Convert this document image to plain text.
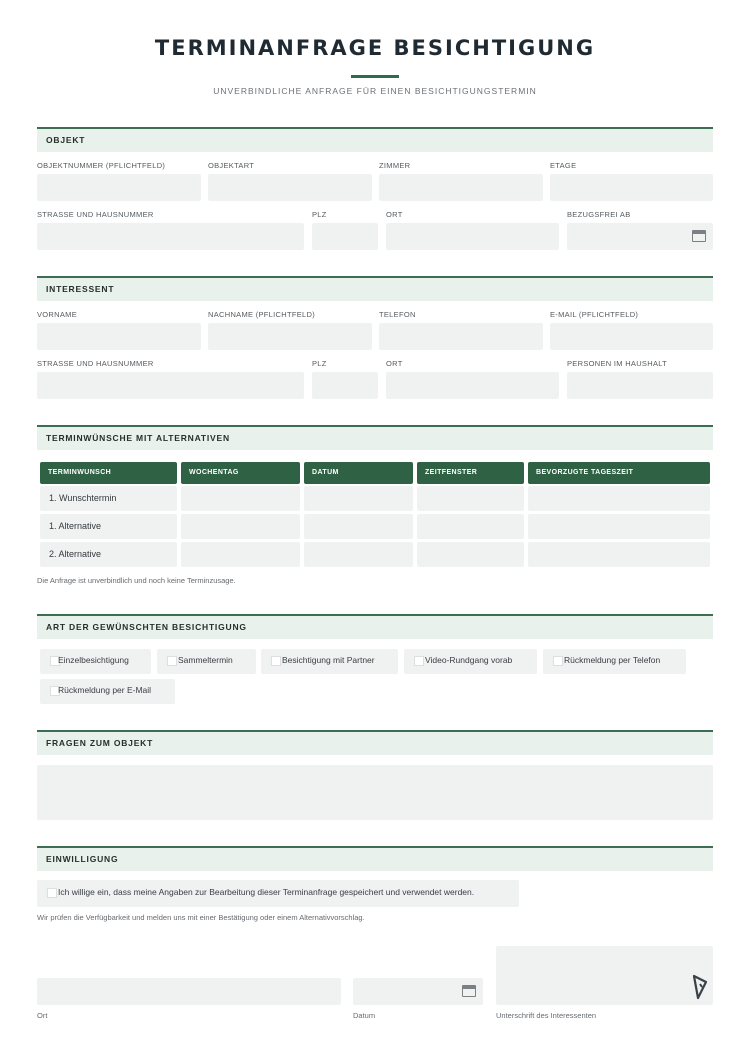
TERMINANFRAGE BESICHTIGUNG
UNVERBINDLICHE ANFRAGE FÜR EINEN BESICHTIGUNGSTERMIN
OBJEKT
OBJEKTNUMMER (PFLICHTFELD)	OBJEKTART	ZIMMER	ETAGE
STRASSE UND HAUSNUMMER	PLZ	ORT	BEZUGSFREI AB
INTERESSENT
VORNAME	NACHNAME (PFLICHTFELD)	TELEFON	E-MAIL (PFLICHTFELD)
STRASSE UND HAUSNUMMER	PLZ	ORT	PERSONEN IM HAUSHALT
TERMINWÜNSCHE MIT ALTERNATIVEN
TERMINWUNSCH	WOCHENTAG	DATUM	ZEITFENSTER	BEVORZUGTE TAGESZEIT
1. Wunschtermin
1. Alternative
2. Alternative
Die Anfrage ist unverbindlich und noch keine Terminzusage.
ART DER GEWÜNSCHTEN BESICHTIGUNG
Einzelbesichtigung	Sammeltermin	Besichtigung mit Partner	Video-Rundgang vorab	Rückmeldung per Telefon
Rückmeldung per E-Mail
FRAGEN ZUM OBJEKT
EINWILLIGUNG
Ich willige ein, dass meine Angaben zur Bearbeitung dieser Terminanfrage gespeichert und verwendet werden.
Wir prüfen die Verfügbarkeit und melden uns mit einer Bestätigung oder einem Alternativvorschlag.
Ort	Datum	Unterschrift des Interessenten
